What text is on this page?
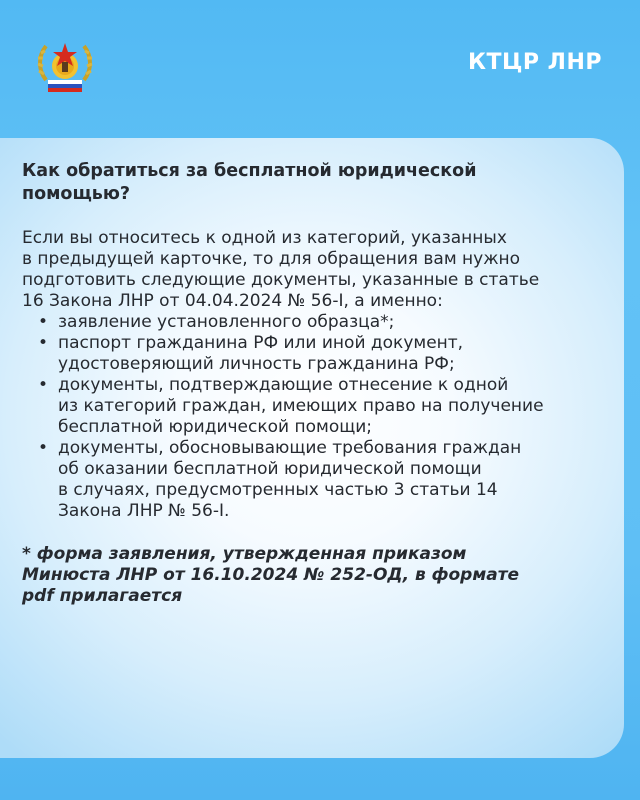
КТЦР ЛНР

Как обратиться за бесплатной юридической
помощью?

Если вы относитесь к одной из категорий, указанных
в предыдущей карточке, то для обращения вам нужно
подготовить следующие документы, указанные в статье
16 Закона ЛНР от 04.04.2024 № 56-I, а именно:

• заявление установленного образца*;
• паспорт гражданина РФ или иной документ,
удостоверяющий личность гражданина РФ;
• документы, подтверждающие отнесение к одной
из категорий граждан, имеющих право на получение
бесплатной юридической помощи;
• документы, обосновывающие требования граждан
об оказании бесплатной юридической помощи
в случаях, предусмотренных частью 3 статьи 14
Закона ЛНР № 56-I.

* форма заявления, утвержденная приказом
Минюста ЛНР от 16.10.2024 № 252-ОД, в формате
pdf прилагается
